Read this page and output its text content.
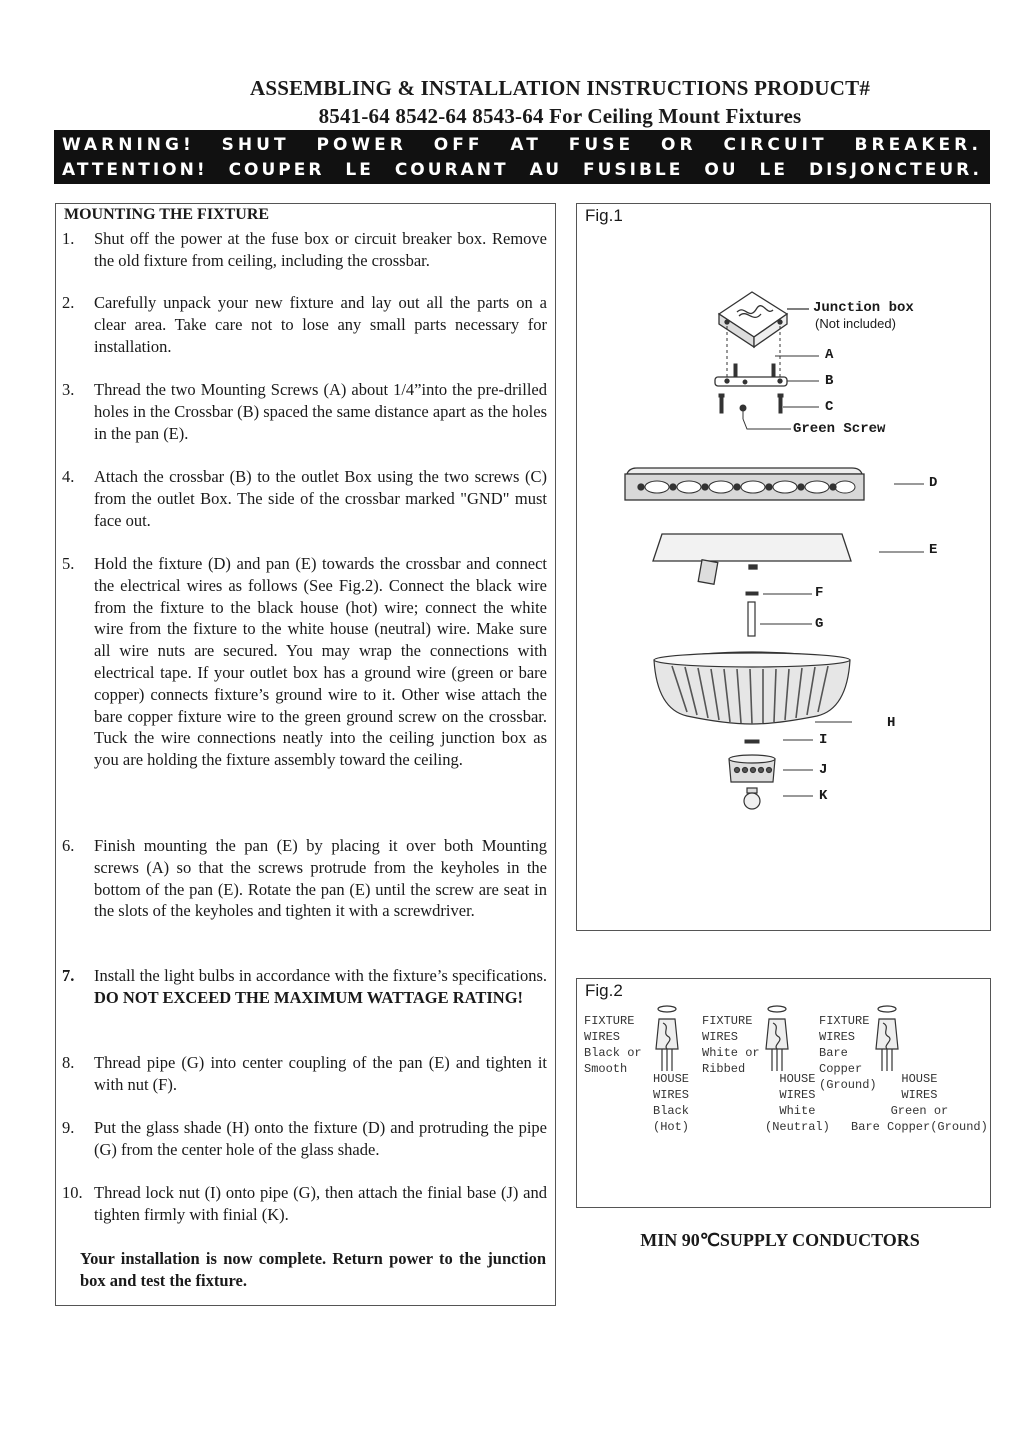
ASSEMBLING & INSTALLATION INSTRUCTIONS PRODUCT#
8541-64 8542-64 8543-64 For Ceiling Mount Fixtures
WARNING! SHUT POWER OFF AT FUSE OR CIRCUIT BREAKER.
ATTENTION! COUPER LE COURANT AU FUSIBLE OU LE DISJONCTEUR.
MOUNTING THE FIXTURE
1.	Shut off the power at the fuse box or circuit breaker box. Remove the old fixture from ceiling, including the crossbar.
2.	Carefully unpack your new fixture and lay out all the parts on a clear area. Take care not to lose any small parts necessary for installation.
3.	Thread the two Mounting Screws (A) about 1/4”into the pre-drilled holes in the Crossbar (B) spaced the same distance apart as the holes in the pan (E).
4.	Attach the crossbar (B) to the outlet Box using the two screws (C) from the outlet Box. The side of the crossbar marked "GND" must face out.
5.	Hold the fixture (D) and pan (E) towards the crossbar and connect the electrical wires as follows (See Fig.2). Connect the black wire from the fixture to the black house (hot) wire; connect the white wire from the fixture to the white house (neutral) wire. Make sure all wire nuts are secured. You may wrap the connections with electrical tape. If your outlet box has a ground wire (green or bare copper) connects fixture’s ground wire to it. Other wise attach the bare copper fixture wire to the green ground screw on the crossbar. Tuck the wire connections neatly into the ceiling junction box as you are holding the fixture assembly toward the ceiling.
6.	Finish mounting the pan (E) by placing it over both Mounting screws (A) so that the screws protrude from the keyholes in the bottom of the pan (E). Rotate the pan (E) until the screw are seat in the slots of the keyholes and tighten it with a screwdriver.
7.	Install the light bulbs in accordance with the fixture’s specifications. DO NOT EXCEED THE MAXIMUM WATTAGE RATING!
8.	Thread pipe (G) into center coupling of the pan (E) and tighten it with nut (F).
9.	Put the glass shade (H) onto the fixture (D) and protruding the pipe (G) from the center hole of the glass shade.
10. Thread lock nut (I) onto pipe (G), then attach the finial base (J) and tighten firmly with finial (K).
Your installation is now complete. Return power to the junction box and test the fixture.
Fig.1
Junction box
(Not included)
A
B
C
Green Screw
D
E
F
G
H
I
J
K
Fig.2
FIXTURE
WIRES
Black or
Smooth
HOUSE
WIRES
Black
(Hot)
FIXTURE
WIRES
White or
Ribbed
HOUSE
WIRES
White
(Neutral)
FIXTURE
WIRES
Bare
Copper
(Ground)	HOUSE
WIRES
Green or
Bare Copper(Ground)
MIN 90℃SUPPLY CONDUCTORS
